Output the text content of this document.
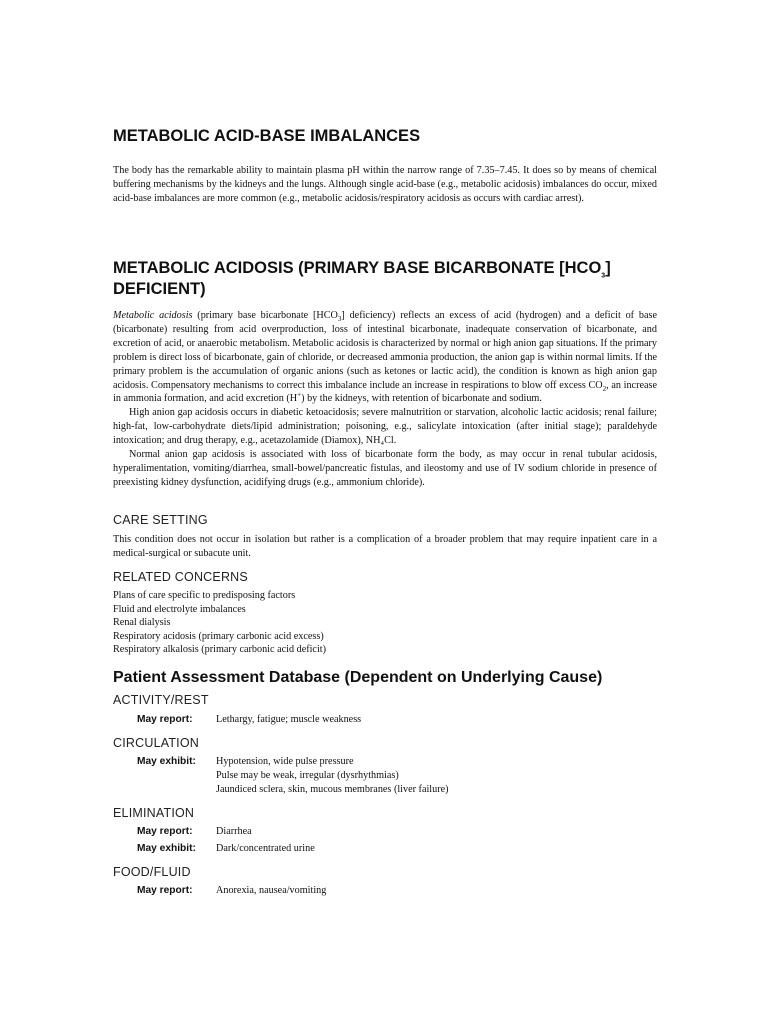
METABOLIC ACID-BASE IMBALANCES

The body has the remarkable ability to maintain plasma pH within the narrow range of 7.35–7.45. It does so by means of chemical buffering mechanisms by the kidneys and the lungs. Although single acid-base (e.g., metabolic acidosis) imbalances do occur, mixed acid-base imbalances are more common (e.g., metabolic acidosis/respiratory acidosis as occurs with cardiac arrest).

METABOLIC ACIDOSIS (PRIMARY BASE BICARBONATE $[HCO_3]$
DEFICIENT)

Metabolic acidosis (primary base bicarbonate $[HCO_3]$ deficiency) reflects an excess of acid (hydrogen) and a deficit of base (bicarbonate) resulting from acid overproduction, loss of intestinal bicarbonate, inadequate conservation of bicarbonate, and excretion of acid, or anaerobic metabolism. Metabolic acidosis is characterized by normal or high anion gap situations. If the primary problem is direct loss of bicarbonate, gain of chloride, or decreased ammonia production, the anion gap is within normal limits. If the primary problem is the accumulation of organic anions (such as ketones or lactic acid), the condition is known as high anion gap acidosis. Compensatory mechanisms to correct this imbalance include an increase in respirations to blow off excess $CO_2$, an increase in ammonia formation, and acid excretion (H+) by the kidneys, with retention of bicarbonate and sodium.

High anion gap acidosis occurs in diabetic ketoacidosis; severe malnutrition or starvation, alcoholic lactic acidosis; renal failure; high-fat, low-carbohydrate diets/lipid administration; poisoning, e.g., salicylate intoxication (after initial stage); paraldehyde intoxication; and drug therapy, e.g., acetazolamide (Diamox), NH₄Cl.

Normal anion gap acidosis is associated with loss of bicarbonate form the body, as may occur in renal tubular acidosis, hyperalimentation, vomiting/diarrhea, small-bowel/pancreatic fistulas, and ileostomy and use of IV sodium chloride in presence of preexisting kidney dysfunction, acidifying drugs (e.g., ammonium chloride).

CARE SETTING

This condition does not occur in isolation but rather is a complication of a broader problem that may require inpatient care in a medical-surgical or subacute unit.

RELATED CONCERNS
Plans of care specific to predisposing factors
Fluid and electrolyte imbalances
Renal dialysis
Respiratory acidosis (primary carbonic acid excess)
Respiratory alkalosis (primary carbonic acid deficit)
Patient Assessment Database (Dependent on Underlying Cause)
ACTIVITY/REST
May report:	Lethargy, fatigue; muscle weakness
CIRCULATION
May exhibit:	Hypotension, wide pulse pressure
Pulse may be weak, irregular (dysrhythmias)
Jaundiced sclera, skin, mucous membranes (liver failure)
ELIMINATION
May report:	Diarrhea
May exhibit:	Dark/concentrated urine
FOOD/FLUID
May report:	Anorexia, nausea/vomiting
